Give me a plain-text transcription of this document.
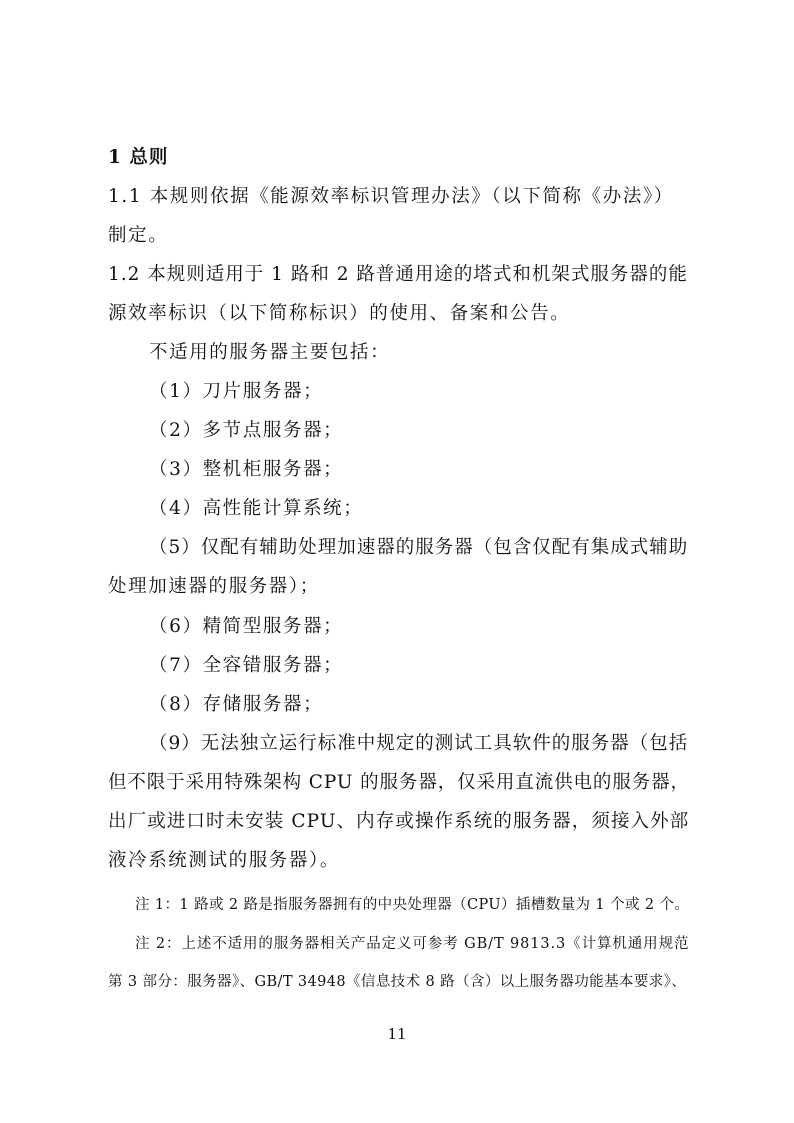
1 总则
1.1 本规则依据《能源效率标识管理办法》（以下简称《办法》）
制定。
1.2 本规则适用于 1 路和 2 路普通用途的塔式和机架式服务器的能
源效率标识（以下简称标识）的使用、备案和公告。
不适用的服务器主要包括：
（1）刀片服务器；
（2）多节点服务器；
（3）整机柜服务器；
（4）高性能计算系统；
（5）仅配有辅助处理加速器的服务器（包含仅配有集成式辅助
处理加速器的服务器）；
（6）精简型服务器；
（7）全容错服务器；
（8）存储服务器；
（9）无法独立运行标准中规定的测试工具软件的服务器（包括
但不限于采用特殊架构 CPU 的服务器，仅采用直流供电的服务器，
出厂或进口时未安装 CPU、内存或操作系统的服务器，须接入外部
液冷系统测试的服务器）。
注 1：1 路或 2 路是指服务器拥有的中央处理器（CPU）插槽数量为 1 个或 2 个。
注 2：上述不适用的服务器相关产品定义可参考 GB/T 9813.3《计算机通用规范
第 3 部分：服务器》、GB/T 34948《信息技术 8 路（含）以上服务器功能基本要求》、
11
